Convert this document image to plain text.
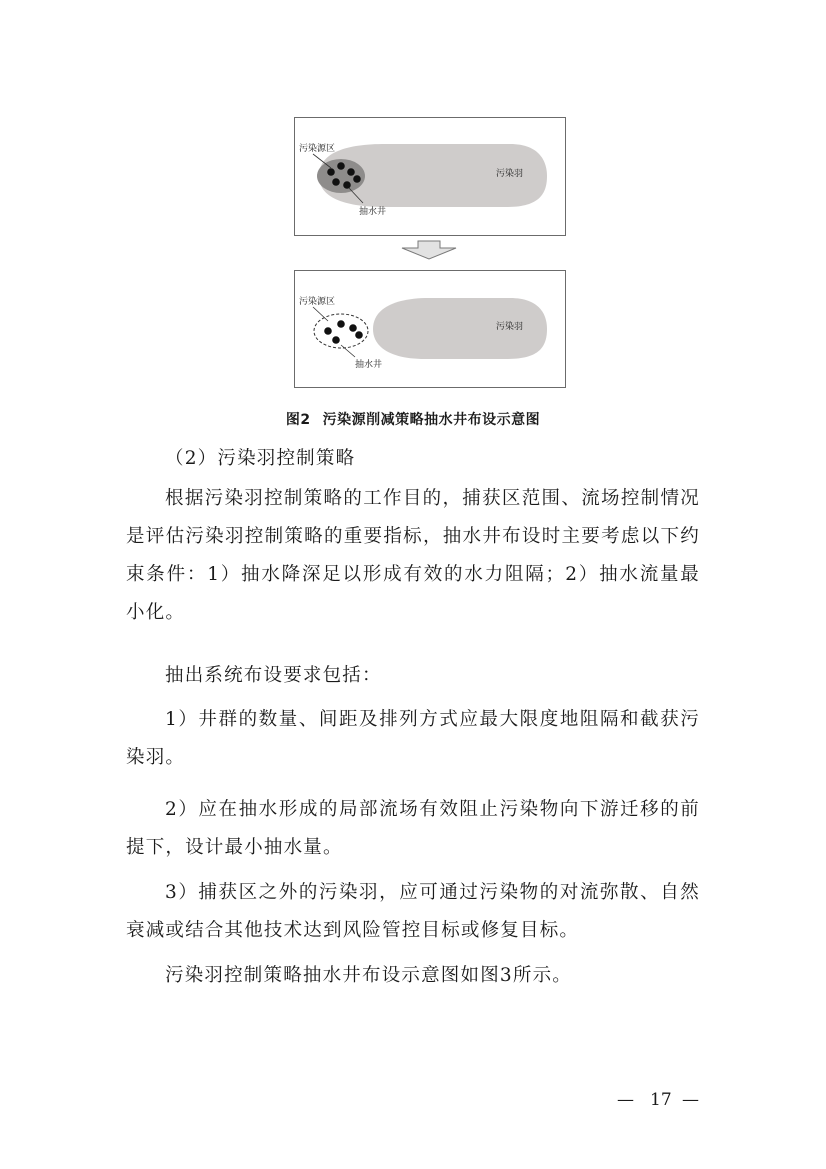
污染源区
污染羽
抽水井
污染源区
污染羽
抽水井
图2 污染源削减策略抽水井布设示意图

（2）污染羽控制策略

根据污染羽控制策略的工作目的，捕获区范围、流场控制情况是评估污染羽控制策略的重要指标，抽水井布设时主要考虑以下约束条件：1）抽水降深足以形成有效的水力阻隔；2）抽水流量最小化。

抽出系统布设要求包括：

1）井群的数量、间距及排列方式应最大限度地阻隔和截获污染羽。

2）应在抽水形成的局部流场有效阻止污染物向下游迁移的前提下，设计最小抽水量。

3）捕获区之外的污染羽，应可通过污染物的对流弥散、自然衰减或结合其他技术达到风险管控目标或修复目标。

污染羽控制策略抽水井布设示意图如图3所示。

— 17 —
